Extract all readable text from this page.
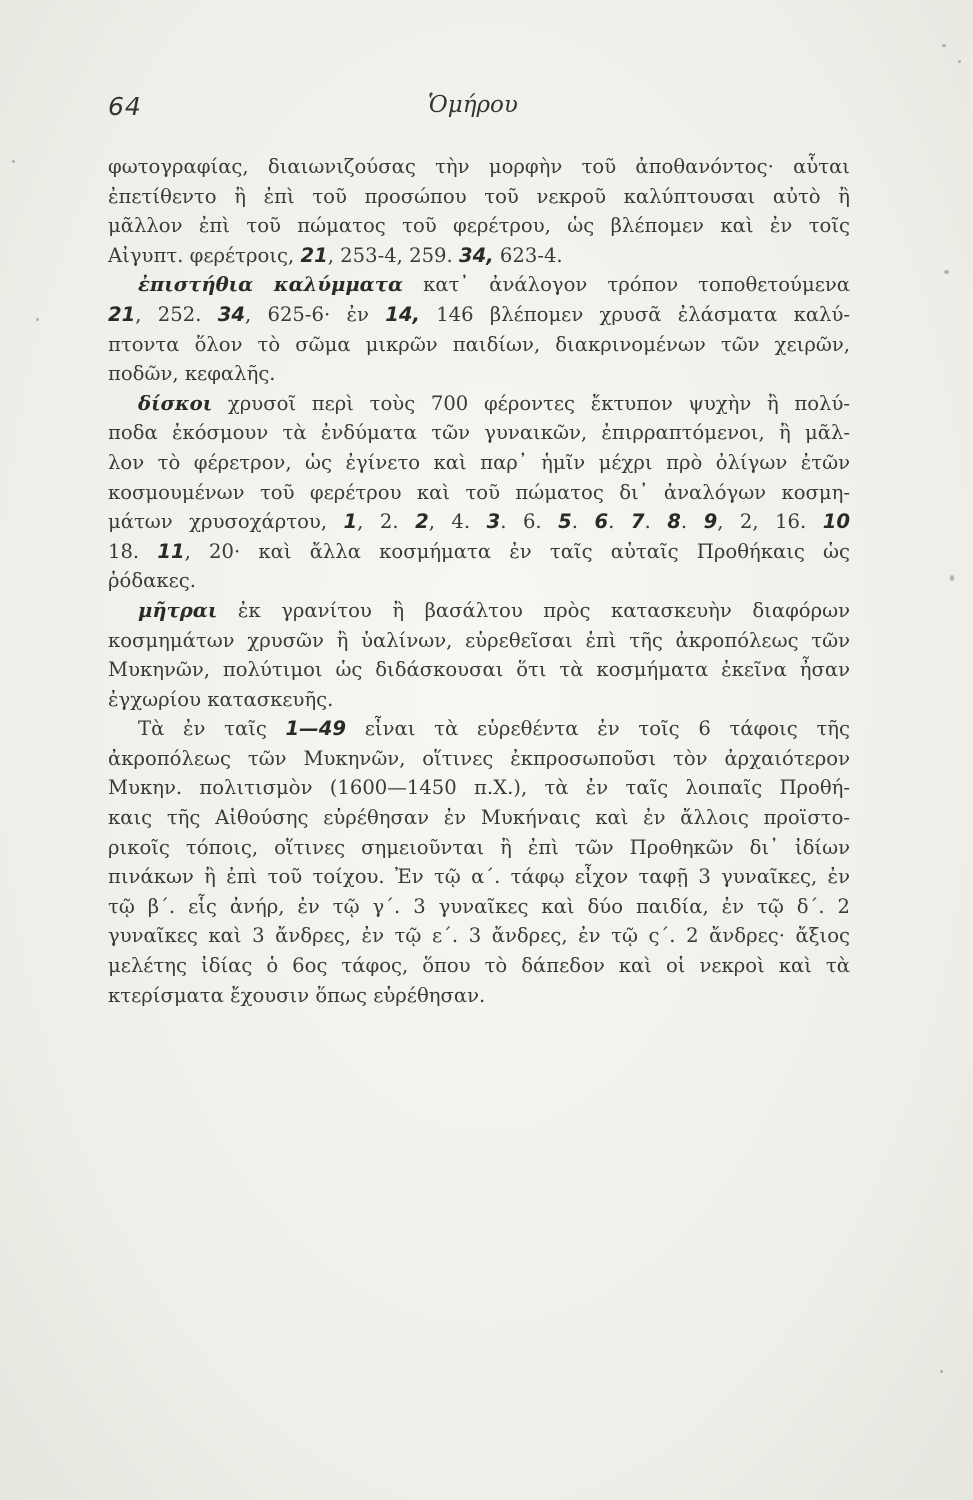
64	Ὁμήρου
φωτογραφίας, διαιωνιζούσας τὴν μορφὴν τοῦ ἀποθανόντος· αὗται
ἐπετίθεντο ἢ ἐπὶ τοῦ προσώπου τοῦ νεκροῦ καλύπτουσαι αὐτὸ ἢ
μᾶλλον ἐπὶ τοῦ πώματος τοῦ φερέτρου, ὡς βλέπομεν καὶ ἐν τοῖς
Αἰγυπτ. φερέτροις, 21, 253-4, 259. 34, 623-4.
ἐπιστήθια καλύμματα κατ᾽ ἀνάλογον τρόπον τοποθετούμενα
21, 252. 34, 625-6· ἐν 14, 146 βλέπομεν χρυσᾶ ἐλάσματα καλύ-
πτοντα ὅλον τὸ σῶμα μικρῶν παιδίων, διακρινομένων τῶν χειρῶν,
ποδῶν, κεφαλῆς.
δίσκοι χρυσοῖ περὶ τοὺς 700 φέροντες ἔκτυπον ψυχὴν ἢ πολύ-
ποδα ἐκόσμουν τὰ ἐνδύματα τῶν γυναικῶν, ἐπιρραπτόμενοι, ἢ μᾶλ-
λον τὸ φέρετρον, ὡς ἐγίνετο καὶ παρ᾽ ἡμῖν μέχρι πρὸ ὀλίγων ἐτῶν
κοσμουμένων τοῦ φερέτρου καὶ τοῦ πώματος δι᾽ ἀναλόγων κοσμη-
μάτων χρυσοχάρτου, 1, 2. 2, 4. 3. 6. 5. 6. 7. 8. 9, 2, 16. 10
18. 11, 20· καὶ ἄλλα κοσμήματα ἐν ταῖς αὐταῖς Προθήκαις ὡς
ῥόδακες.
μῆτραι ἐκ γρανίτου ἢ βασάλτου πρὸς κατασκευὴν διαφόρων
κοσμημάτων χρυσῶν ἢ ὑαλίνων, εὑρεθεῖσαι ἐπὶ τῆς ἀκροπόλεως τῶν
Μυκηνῶν, πολύτιμοι ὡς διδάσκουσαι ὅτι τὰ κοσμήματα ἐκεῖνα ἦσαν
ἐγχωρίου κατασκευῆς.
Τὰ ἐν ταῖς 1—49 εἶναι τὰ εὑρεθέντα ἐν τοῖς 6 τάφοις τῆς
ἀκροπόλεως τῶν Μυκηνῶν, οἵτινες ἐκπροσωποῦσι τὸν ἀρχαιότερον
Μυκην. πολιτισμὸν (1600—1450 π.Χ.), τὰ ἐν ταῖς λοιπαῖς Προθή-
καις τῆς Αἰθούσης εὑρέθησαν ἐν Μυκήναις καὶ ἐν ἄλλοις προϊστο-
ρικοῖς τόποις, οἵτινες σημειοῦνται ἢ ἐπὶ τῶν Προθηκῶν δι᾽ ἰδίων
πινάκων ἢ ἐπὶ τοῦ τοίχου. Ἐν τῷ α΄. τάφῳ εἶχον ταφῇ 3 γυναῖκες, ἐν
τῷ β΄. εἷς ἀνήρ, ἐν τῷ γ΄. 3 γυναῖκες καὶ δύο παιδία, ἐν τῷ δ΄. 2
γυναῖκες καὶ 3 ἄνδρες, ἐν τῷ ε΄. 3 ἄνδρες, ἐν τῷ ς΄. 2 ἄνδρες· ἄξιος
μελέτης ἰδίας ὁ 6ος τάφος, ὅπου τὸ δάπεδον καὶ οἱ νεκροὶ καὶ τὰ
κτερίσματα ἔχουσιν ὅπως εὑρέθησαν.
